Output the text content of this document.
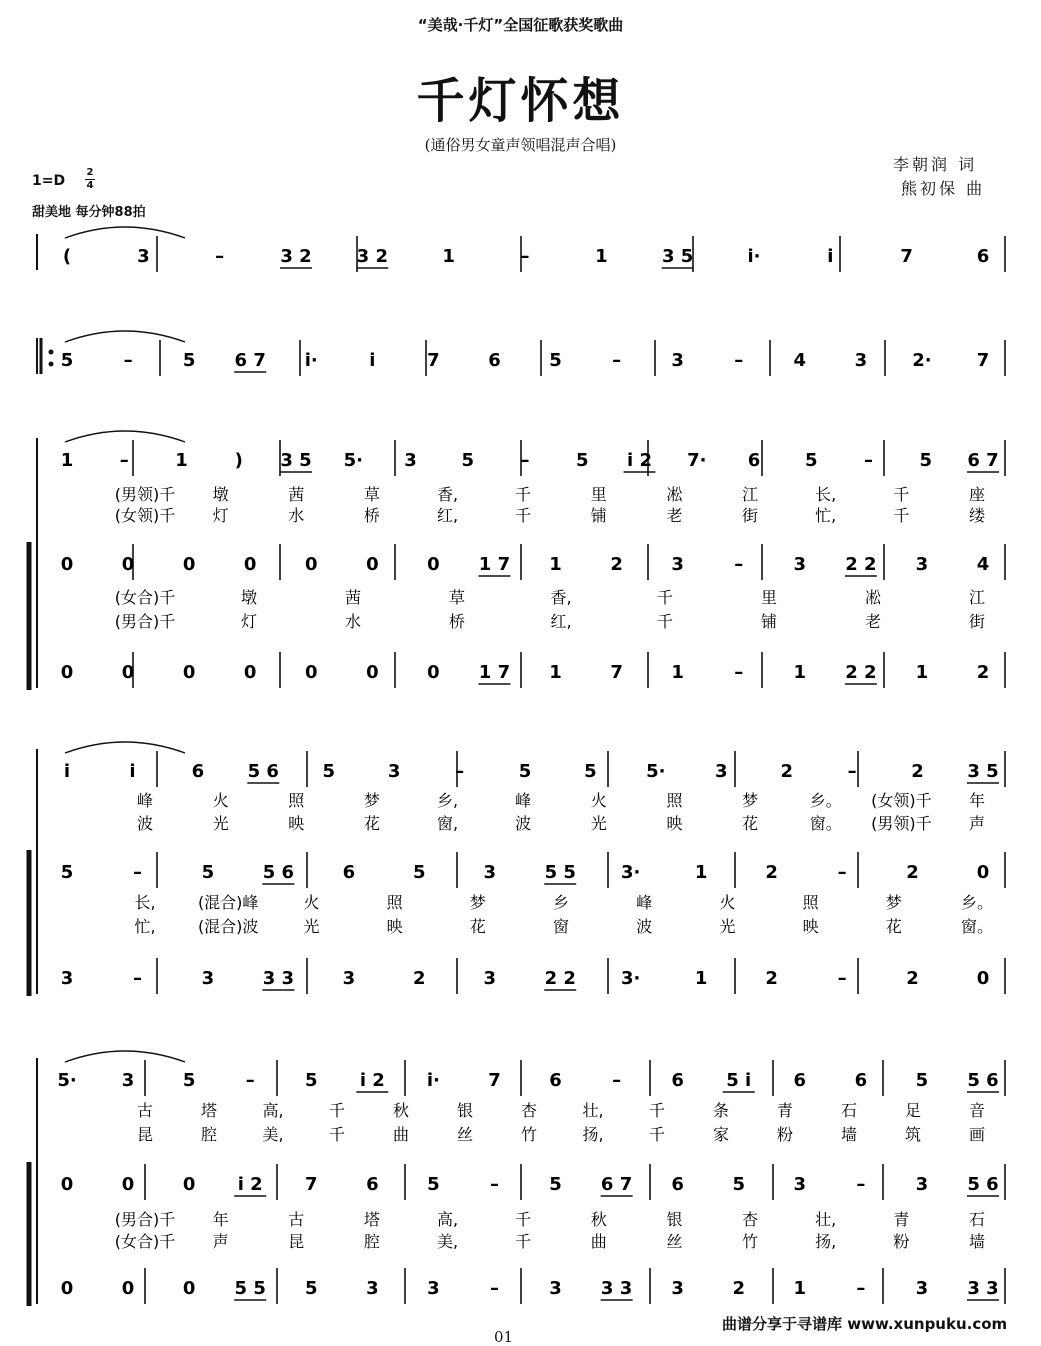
“美哉·千灯”全国征歌获奖歌曲
千灯怀想
(通俗男女童声领唱混声合唱)
李朝润 词
熊初保 曲
1=D
2
4
甜美地 每分钟88拍
(	3	–	3 2	3 2	1	–	1	3 5	i·	i	7	6
5	–	5 6 7 i·	i	7	6	5	–	3	–	4	3	2·	7
1	–	1	) 3 5 5· 3 5	–	5 i 2 7· 6 5	–	5 6 7
(男领)千 墩	茜	草	香,	千	里	凇	江	长,	千	座
(女领)千 灯	水	桥	红,	千	铺	老	街	忙,	千	缕
0	0	0	0	0	0	0 1 7 1	2	3	–	3 2 2 3	4
(女合)千	墩	茜	草	香,	千	里	凇	江
(男合)千	灯	水	桥	红,	千	铺	老	街
0	0	0	0	0	0	0 1 7 1	7	1	–	1 2 2 1	2
i	i	6 5 6 5	3	–	5	5	5·	3	2	–	2 3 5
峰	火	照	梦	乡,	峰	火	照	梦	乡。 (女领)千 年
波	光	映	花	窗,	波	光	映	花	窗。 (男领)千 声
5	–	5	5 6	6	5	3	5 5	3·	1	2	–	2	0
长,	(混合)峰	火	照	梦	乡	峰	火	照	梦	乡。
忙,	(混合)波	光	映	花	窗	波	光	映	花	窗。
3	–	3	3 3	3	2	3	2 2	3·	1	2	–	2	0
5·	3	5	–	5 i 2 i·	7	6	–	6 5 i 6	6	5 5 6
古	塔	高,	千	秋	银	杏	壮,	千	条	青	石	足	音
昆	腔	美,	千	曲	丝	竹	扬,	千	家	粉	墙	筑	画
0	0	0 i 2 7	6	5	–	5 6 7 6	5	3	–	3 5 6
(男合)千 年	古	塔	高,	千	秋	银	杏	壮,	青	石
(女合)千 声	昆	腔	美,	千	曲	丝	竹	扬,	粉	墙
0	0	0 5 5 5	3	3	–	3 3 3 3	2	1	–	3 3 3
曲谱分享于寻谱库 www.xunpuku.com
01
